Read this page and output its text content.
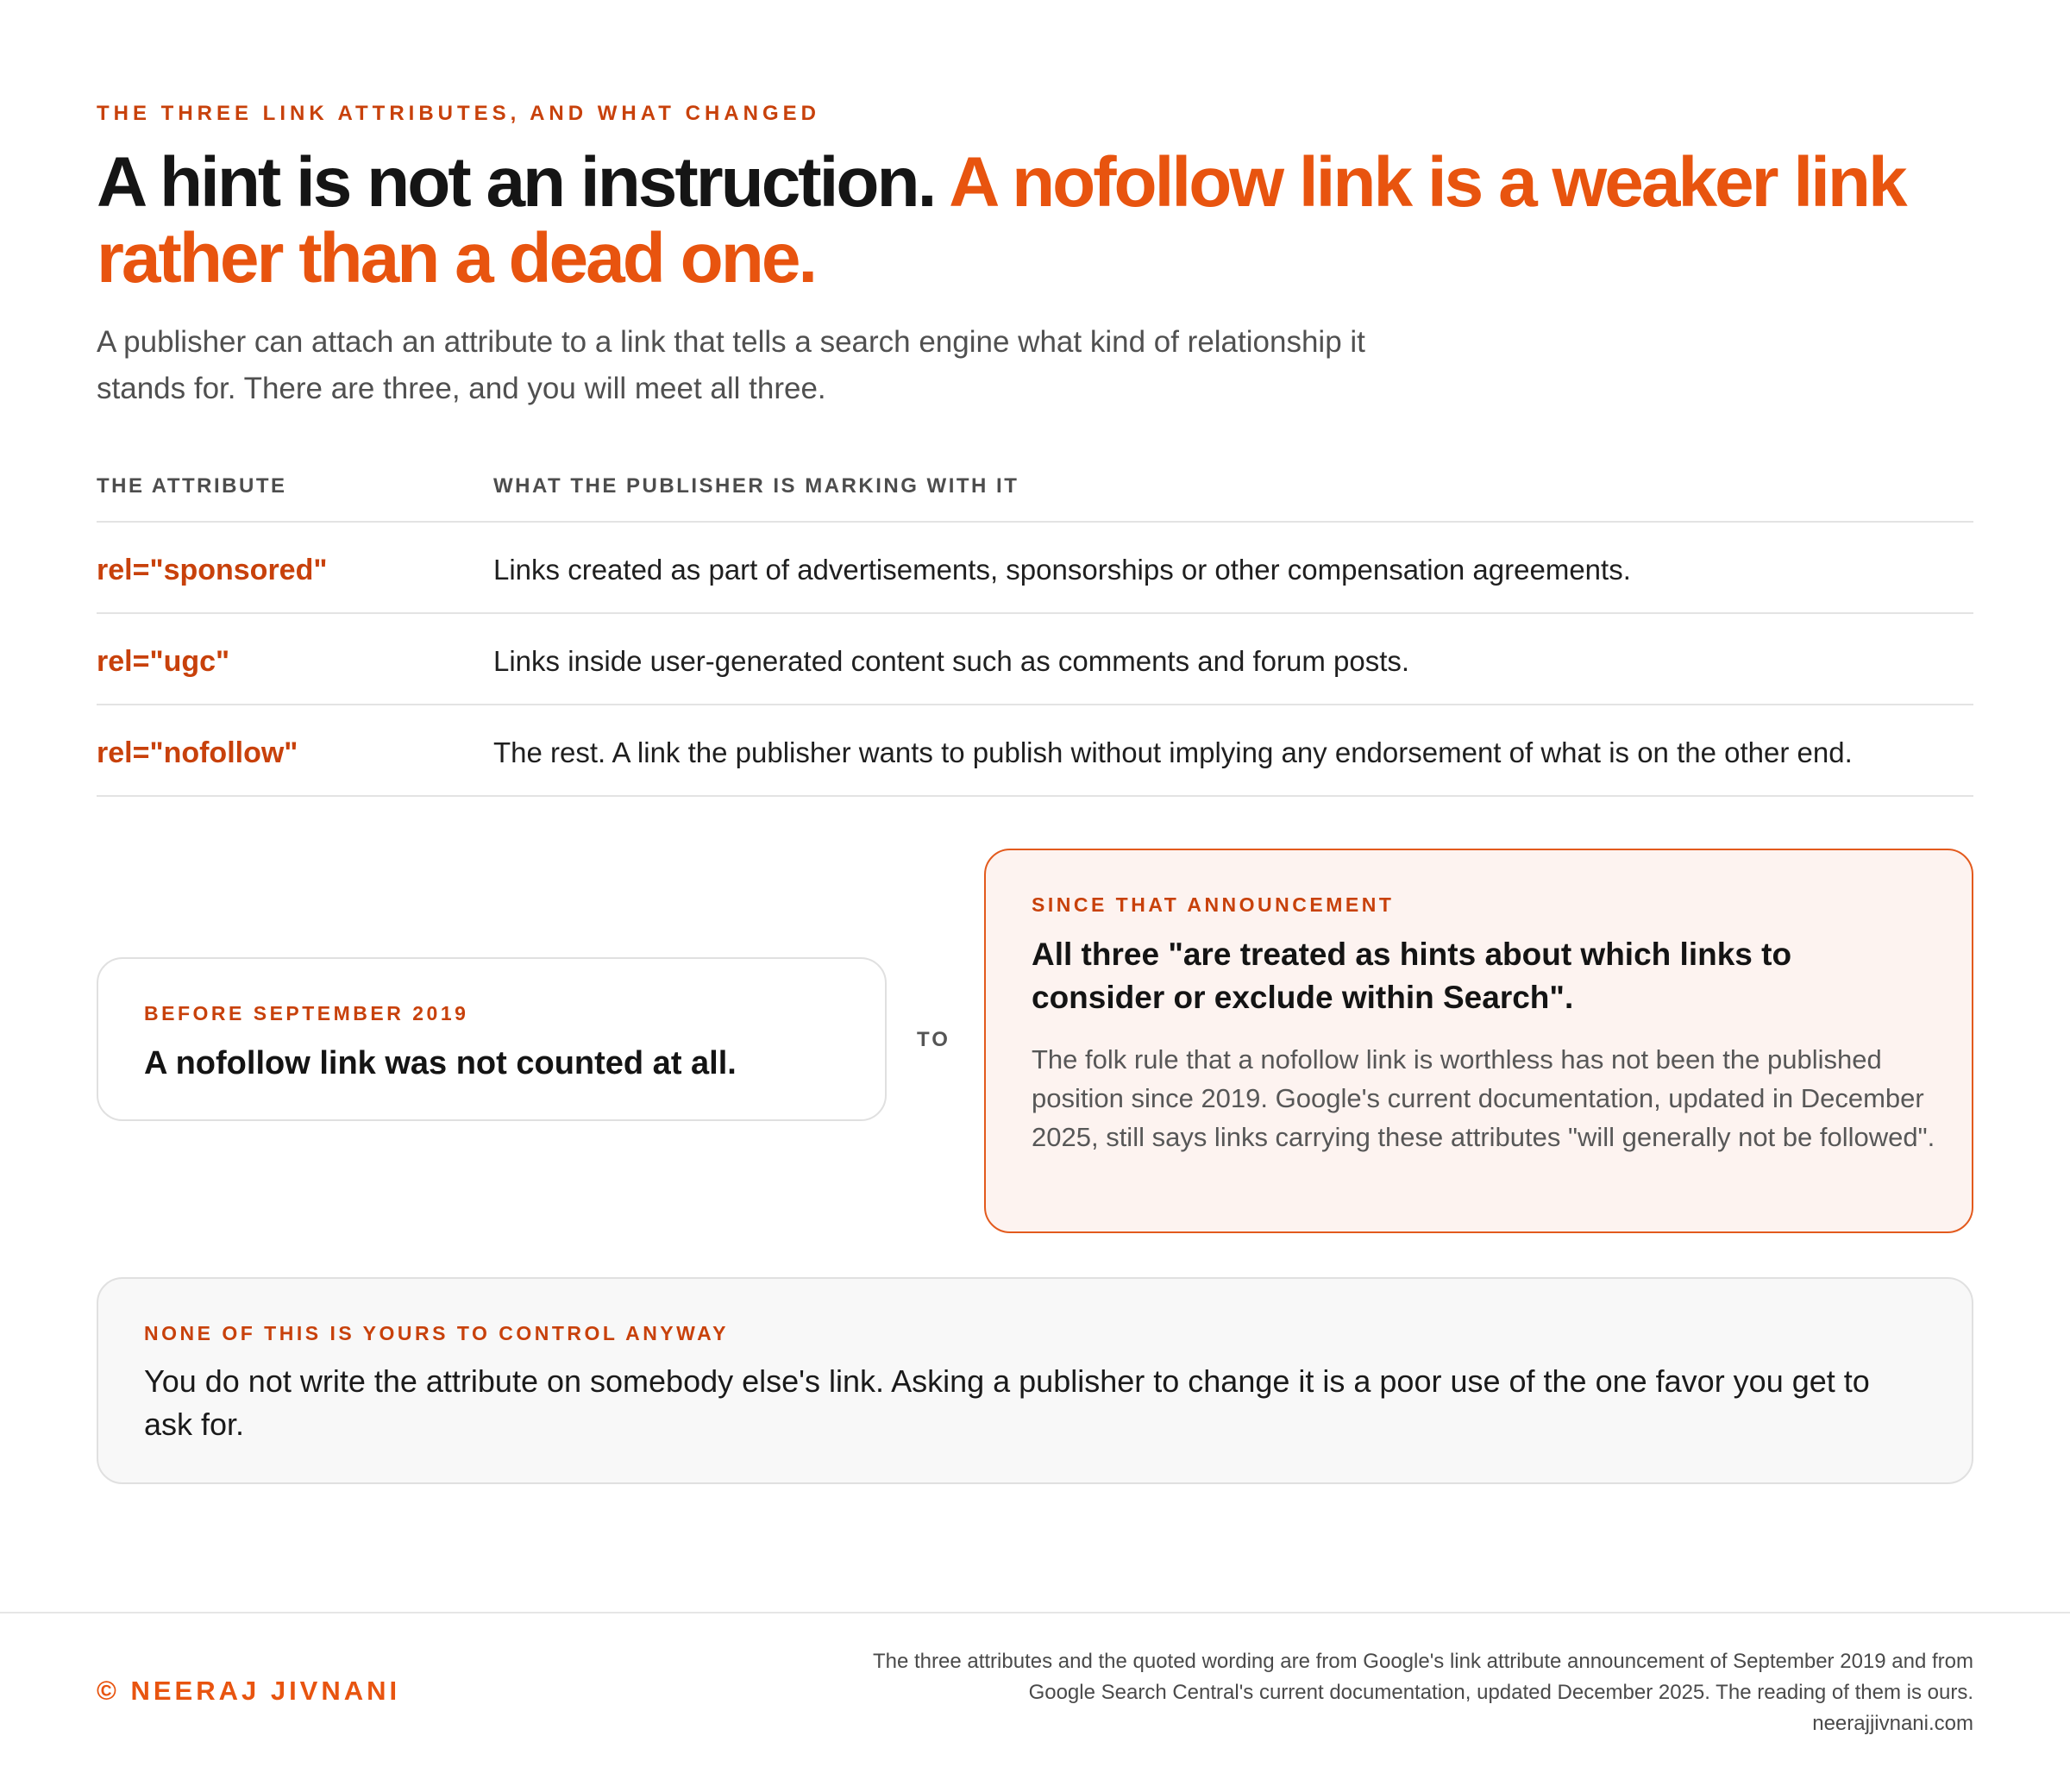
THE THREE LINK ATTRIBUTES, AND WHAT CHANGED
A hint is not an instruction. A nofollow link is a weaker link rather than a dead one.

A publisher can attach an attribute to a link that tells a search engine what kind of relationship it stands for. There are three, and you will meet all three.

THE ATTRIBUTE	WHAT THE PUBLISHER IS MARKING WITH IT
rel="sponsored"	Links created as part of advertisements, sponsorships or other compensation agreements.
rel="ugc"	Links inside user-generated content such as comments and forum posts.
rel="nofollow"	The rest. A link the publisher wants to publish without implying any endorsement of what is on the other end.
BEFORE SEPTEMBER 2019
A nofollow link was not counted at all.
TO
SINCE THAT ANNOUNCEMENT
All three "are treated as hints about which links to consider or exclude within Search".
The folk rule that a nofollow link is worthless has not been the published position since 2019. Google's current documentation, updated in December 2025, still says links carrying these attributes "will generally not be followed".
NONE OF THIS IS YOURS TO CONTROL ANYWAY
You do not write the attribute on somebody else's link. Asking a publisher to change it is a poor use of the one favor you get to ask for.
© NEERAJ JIVNANI
The three attributes and the quoted wording are from Google's link attribute announcement of September 2019 and from
Google Search Central's current documentation, updated December 2025. The reading of them is ours.
neerajjivnani.com
